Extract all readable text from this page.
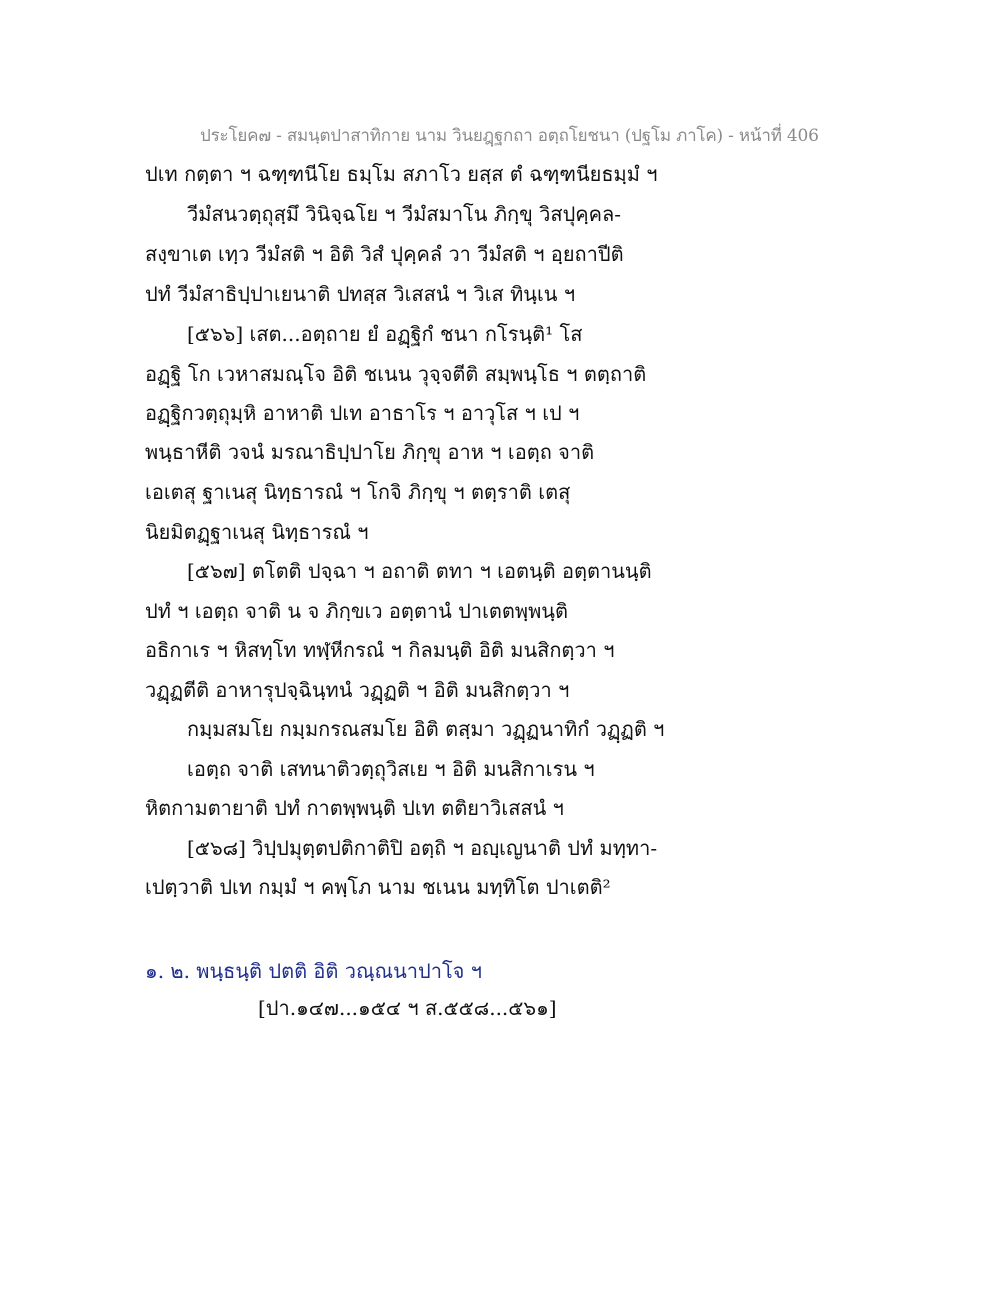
ประโยค๗ - สมนฺตปาสาทิกาย นาม วินยฎฺฐกถา อตฺถโยชนา (ปฐโม ภาโค) - หน้าที่ 406
ปเท กตฺตา ฯ ฉฑฺฑนีโย ธมฺโม สภาโว ยสฺส ตํ ฉฑฺฑนียธมฺมํ ฯ
วีมํสนวตฺถุสฺมึ วินิจฺฉโย ฯ วีมํสมาโน ภิกฺขุ วิสปุคฺคล-
สงฺขาเต เทฺว วีมํสติ ฯ อิติ วิสํ ปุคฺคลํ วา วีมํสติ ฯ อฺยถาปีติ
ปทํ วีมํสาธิปฺปาเยนาติ ปทสฺส วิเสสนํ ฯ วิเส ทินฺเน ฯ
[๕๖๖] เสต...อตฺถาย ยํ อฏฺฐิกํ ชนา กโรนฺติ¹ โส
อฏฺฐิ โก เวหาสมณฺโจ อิติ ชเนน วุจฺจตีติ สมฺพนฺโธ ฯ ตตฺถาติ
อฏฺฐิกวตฺถุมฺหิ อาหาติ ปเท อาธาโร ฯ อาวุโส ฯ เป ฯ
พนฺธาหีติ วจนํ มรณาธิปฺปาโย ภิกฺขุ อาห ฯ เอตฺถ จาติ
เอเตสุ ฐาเนสุ นิทฺธารณํ ฯ โกจิ ภิกฺขุ ฯ ตตฺราติ เตสุ
นิยมิตฏฺฐาเนสุ นิทฺธารณํ ฯ
[๕๖๗] ตโตติ ปจฺฉา ฯ อถาติ ตทา ฯ เอตนฺติ อตฺตานนฺติ
ปทํ ฯ เอตฺถ จาติ น จ ภิกฺขเว อตฺตานํ ปาเตตพฺพนฺติ
อธิกาเร ฯ หิสทฺโท ทฬฺหีกรณํ ฯ กิลมนฺติ อิติ มนสิกตฺวา ฯ
วฏฺฏตีติ อาหารุปจฺฉินฺทนํ วฏฺฏติ ฯ อิติ มนสิกตฺวา ฯ
กมฺมสมโย กมฺมกรณสมโย อิติ ตสฺมา วฏฺฏนาทิกํ วฏฺฏติ ฯ
เอตฺถ จาติ เสทนาติวตฺถุวิสเย ฯ อิติ มนสิกาเรน ฯ
หิตกามตายาติ ปทํ กาตพฺพนฺติ ปเท ตติยาวิเสสนํ ฯ
[๕๖๘] วิปฺปมุตฺตปติกาติปิ อตฺถิ ฯ อญฺเญนาติ ปทํ มทฺทา-
เปตฺวาติ ปเท กมฺมํ ฯ คพฺโภ นาม ชเนน มทฺทิโต ปาเตติ²
๑. ๒. พนฺธนฺติ ปตติ อิติ วณฺณนาปาโจ ฯ
[ปา.๑๔๗...๑๕๔ ฯ ส.๕๕๘...๕๖๑]
